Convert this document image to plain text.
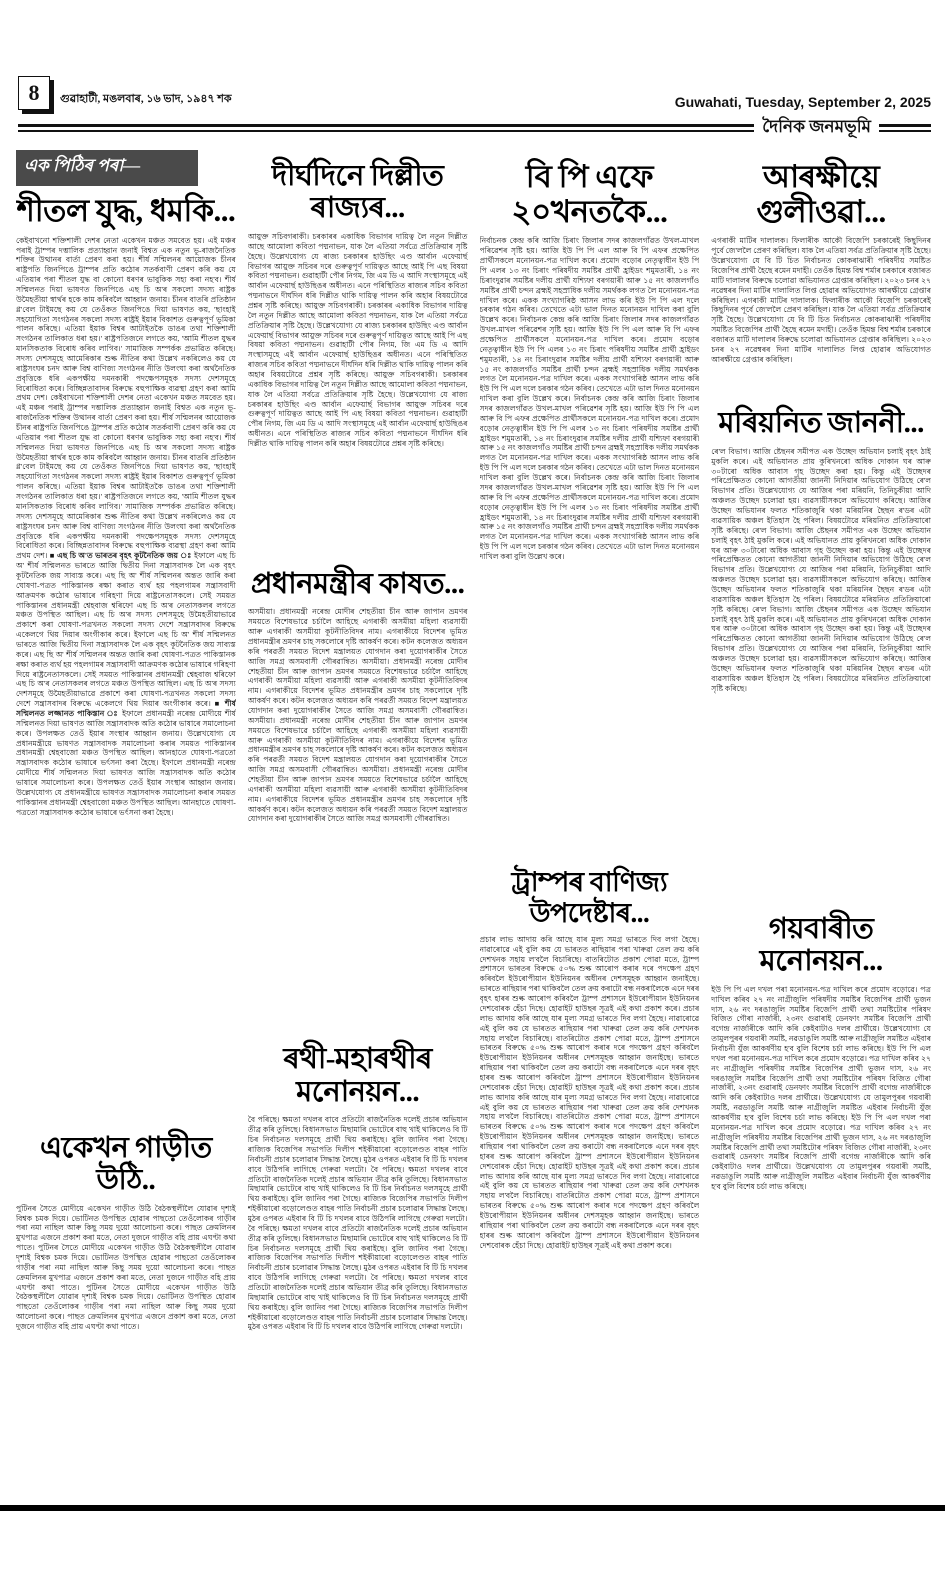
8 গুৱাহাটী, মঙলবাৰ, ১৬ ভাদ, ১৯৪৭ শক	Guwahati, Tuesday, September 2, 2025
দৈনিক জনমভূমি
এক পিঠিৰ পৰা—
শীতল যুদ্ধ, ধমকি...
কেইবাখনো শক্তিশালী দেশৰ নেতা একেখন মঞ্চত সমবেত হয়। এই মঞ্চৰ পৰাই ট্ৰাম্পৰ দম্ভালিক প্ৰত্যাহ্বান জনাই বিশ্বত এক নতুন ভূ-ৰাজনৈতিক শক্তিৰ উত্থানৰ বাৰ্তা প্ৰেৰণ কৰা হয়। শীৰ্ষ সন্মিলনৰ আয়োজক চীনৰ ৰাষ্ট্ৰপতি জিনপিঙে ট্ৰাম্পৰ প্ৰতি কঠোৰ সতৰ্কবাণী প্ৰেৰণ কৰি কয় যে এতিয়াৰ পৰা শীতল যুদ্ধ বা কোনো ধৰণৰ ভাবুকিক সহ্য কৰা নহ'ব। শীৰ্ষ সন্মিলনত দিয়া ভাষণত জিনপিঙে এছ চি অ'ৰ সকলো সদস্য ৰাষ্ট্ৰক উমৈহতীয়া স্বাৰ্থৰ হকে কাম কৰিবলৈ আহ্বান জনায়। চীনৰ বাতৰি প্ৰতিষ্ঠান গ্ল'বেল টাইমছে কয় যে তেওঁকত জিনপিঙে দিয়া ভাষণত কয়, 'ছাংহাই সহযোগিতা সংগঠনৰ সকলো সদস্য ৰাষ্ট্ৰই ইয়াৰ বিকাশত গুৰুত্বপূৰ্ণ ভূমিকা পালন কৰিছে। এতিয়া ইয়াক বিশ্বৰ আটাইতকৈ ডাঙৰ তথা শক্তিশালী সংগঠনৰ তালিকাত ধৰা হয়।' ৰাষ্ট্ৰপতিজনে লগতে কয়, 'আমি শীতল যুদ্ধৰ মানসিকতাক বিৰোধ কৰিব লাগিব।' সামাজিক সম্পৰ্কক প্ৰভাৱিত কৰিছে। সদস্য দেশসমূহে আমেৰিকাৰ শুল্ক নীতিৰ কথা উল্লেখ নকৰিলেও কয় যে ৰাষ্ট্ৰসংঘৰ চনদ আৰু বিশ্ব বাণিজ্য সংগঠনৰ নীতি উলংঘা কৰা অৰ্থনৈতিক প্ৰবৃত্তিকে ধৰি একপক্ষীয় দমনকাৰী পদক্ষেপসমূহক সদস্য দেশসমূহে বিৰোধিতা কৰে। বিচ্ছিন্নতাবাদৰ বিৰুদ্ধে বহুপাক্ষিক ব্যৱস্থা গ্ৰহণ কৰা আমি প্ৰথম দেশ। কেইবাখনো শক্তিশালী দেশৰ নেতা একেখন মঞ্চত সমবেত হয়। এই মঞ্চৰ পৰাই ট্ৰাম্পৰ দম্ভালিক প্ৰত্যাহ্বান জনাই বিশ্বত এক নতুন ভূ-ৰাজনৈতিক শক্তিৰ উত্থানৰ বাৰ্তা প্ৰেৰণ কৰা হয়। শীৰ্ষ সন্মিলনৰ আয়োজক চীনৰ ৰাষ্ট্ৰপতি জিনপিঙে ট্ৰাম্পৰ প্ৰতি কঠোৰ সতৰ্কবাণী প্ৰেৰণ কৰি কয় যে এতিয়াৰ পৰা শীতল যুদ্ধ বা কোনো ধৰণৰ ভাবুকিক সহ্য কৰা নহ'ব। শীৰ্ষ সন্মিলনত দিয়া ভাষণত জিনপিঙে এছ চি অ'ৰ সকলো সদস্য ৰাষ্ট্ৰক উমৈহতীয়া স্বাৰ্থৰ হকে কাম কৰিবলৈ আহ্বান জনায়। চীনৰ বাতৰি প্ৰতিষ্ঠান গ্ল'বেল টাইমছে কয় যে তেওঁকত জিনপিঙে দিয়া ভাষণত কয়, 'ছাংহাই সহযোগিতা সংগঠনৰ সকলো সদস্য ৰাষ্ট্ৰই ইয়াৰ বিকাশত গুৰুত্বপূৰ্ণ ভূমিকা পালন কৰিছে। এতিয়া ইয়াক বিশ্বৰ আটাইতকৈ ডাঙৰ তথা শক্তিশালী সংগঠনৰ তালিকাত ধৰা হয়।' ৰাষ্ট্ৰপতিজনে লগতে কয়, 'আমি শীতল যুদ্ধৰ মানসিকতাক বিৰোধ কৰিব লাগিব।' সামাজিক সম্পৰ্কক প্ৰভাৱিত কৰিছে। সদস্য দেশসমূহে আমেৰিকাৰ শুল্ক নীতিৰ কথা উল্লেখ নকৰিলেও কয় যে ৰাষ্ট্ৰসংঘৰ চনদ আৰু বিশ্ব বাণিজ্য সংগঠনৰ নীতি উলংঘা কৰা অৰ্থনৈতিক প্ৰবৃত্তিকে ধৰি একপক্ষীয় দমনকাৰী পদক্ষেপসমূহক সদস্য দেশসমূহে বিৰোধিতা কৰে। বিচ্ছিন্নতাবাদৰ বিৰুদ্ধে বহুপাক্ষিক ব্যৱস্থা গ্ৰহণ কৰা আমি প্ৰথম দেশ। ■ এছ চি অ'ত ভাৰতৰ বৃহৎ কূটনৈতিক জয় ঃ ইফালে এছ চি অ' শীৰ্ষ সন্মিলনত ভাৰতে আজি দ্বিতীয় দিনা সন্ত্ৰাসবাদক লৈ এক বৃহৎ কূটনৈতিক জয় সাব্যস্ত কৰে। এছ ছি অ' শীৰ্ষ সন্মিলনৰ অন্তত জাৰি কৰা ঘোষণা-পত্ৰত পাকিস্তানক ৰক্ষা কৰাত ব্যৰ্থ হয় পহলগামৰ সন্ত্ৰাসবাদী আক্ৰমণক কঠোৰ ভাষাৰে গৰিহণা দিয়ে ৰাষ্ট্ৰনেতাসকলে। সেই সময়ত পাকিস্তানৰ প্ৰধানমন্ত্ৰী শ্বেহবাজ শ্বৰিফো এছ চি অ'ৰ নেতাসকলৰ লগতে মঞ্চত উপস্থিত আছিল। এছ চি অ'ৰ সদস্য দেশসমূহে উমৈহতীয়াভাৱে প্ৰকাশে কৰা ঘোষণা-পত্ৰখনত সকলো সদস্য দেশে সন্ত্ৰাসবাদৰ বিৰুদ্ধে একেলগে থিয় দিয়াৰ অংগীকাৰ কৰে। ইফালে এছ চি অ' শীৰ্ষ সন্মিলনত ভাৰতে আজি দ্বিতীয় দিনা সন্ত্ৰাসবাদক লৈ এক বৃহৎ কূটনৈতিক জয় সাব্যস্ত কৰে। এছ ছি অ' শীৰ্ষ সন্মিলনৰ অন্তত জাৰি কৰা ঘোষণা-পত্ৰত পাকিস্তানক ৰক্ষা কৰাত ব্যৰ্থ হয় পহলগামৰ সন্ত্ৰাসবাদী আক্ৰমণক কঠোৰ ভাষাৰে গৰিহণা দিয়ে ৰাষ্ট্ৰনেতাসকলে। সেই সময়ত পাকিস্তানৰ প্ৰধানমন্ত্ৰী শ্বেহবাজ শ্বৰিফো এছ চি অ'ৰ নেতাসকলৰ লগতে মঞ্চত উপস্থিত আছিল। এছ চি অ'ৰ সদস্য দেশসমূহে উমৈহতীয়াভাৱে প্ৰকাশে কৰা ঘোষণা-পত্ৰখনত সকলো সদস্য দেশে সন্ত্ৰাসবাদৰ বিৰুদ্ধে একেলগে থিয় দিয়াৰ অংগীকাৰ কৰে। ■ শীৰ্ষ সন্মিলনত লজ্জানত পাকিস্তান ঃ ইফালে প্ৰধানমন্ত্ৰী নৰেন্দ্ৰ মোদীয়ে শীৰ্ষ সন্মিলনত দিয়া ভাষণত আজি সন্ত্ৰাসবাদক অতি কঠোৰ ভাষাৰে সমালোচনা কৰে। উপলক্ষত তেওঁ ইয়াৰ সংস্থাৰ আহ্বান জনায়। উল্লেখযোগ্য যে প্ৰধানমন্ত্ৰীয়ে ভাষণত সন্ত্ৰাসবাদক সমালোচনা কৰাৰ সময়ত পাকিস্তানৰ প্ৰধানমন্ত্ৰী শ্বেহবাজো মঞ্চত উপস্থিত আছিল। আনহাতে ঘোষণা-পত্ৰতো সন্ত্ৰাসবাদক কঠোৰ ভাষাৰে ভৰ্ৎসনা কৰা হৈছে। ইফালে প্ৰধানমন্ত্ৰী নৰেন্দ্ৰ মোদীয়ে শীৰ্ষ সন্মিলনত দিয়া ভাষণত আজি সন্ত্ৰাসবাদক অতি কঠোৰ ভাষাৰে সমালোচনা কৰে। উপলক্ষত তেওঁ ইয়াৰ সংস্থাৰ আহ্বান জনায়। উল্লেখযোগ্য যে প্ৰধানমন্ত্ৰীয়ে ভাষণত সন্ত্ৰাসবাদক সমালোচনা কৰাৰ সময়ত পাকিস্তানৰ প্ৰধানমন্ত্ৰী শ্বেহবাজো মঞ্চত উপস্থিত আছিল। আনহাতে ঘোষণা-পত্ৰতো সন্ত্ৰাসবাদক কঠোৰ ভাষাৰে ভৰ্ৎসনা কৰা হৈছে।
একেখন গাড়ীত উঠি..
পুটিনৰ সৈতে মোদীয়ে একেখন গাড়ীত উঠি বৈঠকস্থলীলৈ যোৱাৰ দৃশ্যই বিশ্বক চমক দিয়ে। ভোটিনত উপস্থিত হোৱাৰ পাছতো তেওঁলোকৰ গাড়ীৰ পৰা নমা নাছিল আৰু কিছু সময় দুয়ো আলোচনা কৰে। পাছত ক্ৰেমলিনৰ মুখপাত্ৰ এজনে প্ৰকাশ কৰা মতে, নেতা দুজনে গাড়ীত বহি প্ৰায় এঘণ্টা কথা পাতে। পুটিনৰ সৈতে মোদীয়ে একেখন গাড়ীত উঠি বৈঠকস্থলীলৈ যোৱাৰ দৃশ্যই বিশ্বক চমক দিয়ে। ভোটিনত উপস্থিত হোৱাৰ পাছতো তেওঁলোকৰ গাড়ীৰ পৰা নমা নাছিল আৰু কিছু সময় দুয়ো আলোচনা কৰে। পাছত ক্ৰেমলিনৰ মুখপাত্ৰ এজনে প্ৰকাশ কৰা মতে, নেতা দুজনে গাড়ীত বহি প্ৰায় এঘণ্টা কথা পাতে। পুটিনৰ সৈতে মোদীয়ে একেখন গাড়ীত উঠি বৈঠকস্থলীলৈ যোৱাৰ দৃশ্যই বিশ্বক চমক দিয়ে। ভোটিনত উপস্থিত হোৱাৰ পাছতো তেওঁলোকৰ গাড়ীৰ পৰা নমা নাছিল আৰু কিছু সময় দুয়ো আলোচনা কৰে। পাছত ক্ৰেমলিনৰ মুখপাত্ৰ এজনে প্ৰকাশ কৰা মতে, নেতা দুজনে গাড়ীত বহি প্ৰায় এঘণ্টা কথা পাতে।
দীৰ্ঘদিনে দিল্লীত ৰাজ্যৰ...
আয়ুক্ত সচিবগৰাকী। চৰকাৰৰ একাধিক বিভাগৰ দায়িত্ব লৈ নতুন দিল্লীত আছে আমোলা কবিতা পদ্মনাভন, যাক লৈ এতিয়া সৰ্বত্ৰে প্ৰতিক্ৰিয়াৰ সৃষ্টি হৈছে। উল্লেখযোগ্য যে ৰাজ্য চৰকাৰৰ হাউছিং এণ্ড আৰ্বান এফেয়াৰ্ছ বিভাগৰ আয়ুক্ত সচিবৰ দৰে গুৰুত্বপূৰ্ণ দায়িত্বত আছে আই পি এছ বিষয়া কবিতা পদ্মনাভন। গুৱাহাটী পৌৰ নিগম, জি এম ডি এ আদি সংস্থাসমূহে এই আৰ্বান এফেয়াৰ্ছ হাউছিঙৰ অধীনত। এনে পৰিস্থিতিত ৰাজ্যৰ সচিব কবিতা পদ্মনাভনে দীৰ্ঘদিন ধৰি দিল্লীত থাকি দায়িত্ব পালন কৰি অহাৰ বিষয়টোৱে প্ৰশ্নৰ সৃষ্টি কৰিছে। আয়ুক্ত সচিবগৰাকী। চৰকাৰৰ একাধিক বিভাগৰ দায়িত্ব লৈ নতুন দিল্লীত আছে আমোলা কবিতা পদ্মনাভন, যাক লৈ এতিয়া সৰ্বত্ৰে প্ৰতিক্ৰিয়াৰ সৃষ্টি হৈছে। উল্লেখযোগ্য যে ৰাজ্য চৰকাৰৰ হাউছিং এণ্ড আৰ্বান এফেয়াৰ্ছ বিভাগৰ আয়ুক্ত সচিবৰ দৰে গুৰুত্বপূৰ্ণ দায়িত্বত আছে আই পি এছ বিষয়া কবিতা পদ্মনাভন। গুৱাহাটী পৌৰ নিগম, জি এম ডি এ আদি সংস্থাসমূহে এই আৰ্বান এফেয়াৰ্ছ হাউছিঙৰ অধীনত। এনে পৰিস্থিতিত ৰাজ্যৰ সচিব কবিতা পদ্মনাভনে দীৰ্ঘদিন ধৰি দিল্লীত থাকি দায়িত্ব পালন কৰি অহাৰ বিষয়টোৱে প্ৰশ্নৰ সৃষ্টি কৰিছে। আয়ুক্ত সচিবগৰাকী। চৰকাৰৰ একাধিক বিভাগৰ দায়িত্ব লৈ নতুন দিল্লীত আছে আমোলা কবিতা পদ্মনাভন, যাক লৈ এতিয়া সৰ্বত্ৰে প্ৰতিক্ৰিয়াৰ সৃষ্টি হৈছে। উল্লেখযোগ্য যে ৰাজ্য চৰকাৰৰ হাউছিং এণ্ড আৰ্বান এফেয়াৰ্ছ বিভাগৰ আয়ুক্ত সচিবৰ দৰে গুৰুত্বপূৰ্ণ দায়িত্বত আছে আই পি এছ বিষয়া কবিতা পদ্মনাভন। গুৱাহাটী পৌৰ নিগম, জি এম ডি এ আদি সংস্থাসমূহে এই আৰ্বান এফেয়াৰ্ছ হাউছিঙৰ অধীনত। এনে পৰিস্থিতিত ৰাজ্যৰ সচিব কবিতা পদ্মনাভনে দীৰ্ঘদিন ধৰি দিল্লীত থাকি দায়িত্ব পালন কৰি অহাৰ বিষয়টোৱে প্ৰশ্নৰ সৃষ্টি কৰিছে।
প্ৰধানমন্ত্ৰীৰ কাষত...
অসমীয়া। প্ৰধানমন্ত্ৰী নৰেন্দ্ৰ মোদীৰ শেহতীয়া চীন আৰু জাপান ভ্ৰমণৰ সময়তে বিশেষভাৱে চৰ্চালৈ আহিছে এগৰাকী অসমীয়া মহিলা ব্যৱসায়ী আৰু এগৰাকী অসমীয়া কূটনীতিবিদৰ নাম। এগৰাকীয়ে বিদেশৰ ভূমিত প্ৰধানমন্ত্ৰীৰ ভ্ৰমণৰ চাহ সকলোৰে দৃষ্টি আকৰ্ষণ কৰে। কটন কলেজত অধ্যয়ন কৰি পৰৱৰ্তী সময়ত বিদেশ মন্ত্ৰালয়ত যোগদান কৰা দুয়োগৰাকীৰ সৈতে আজি সমগ্ৰ অসমবাসী গৌৰৱান্বিত। অসমীয়া। প্ৰধানমন্ত্ৰী নৰেন্দ্ৰ মোদীৰ শেহতীয়া চীন আৰু জাপান ভ্ৰমণৰ সময়তে বিশেষভাৱে চৰ্চালৈ আহিছে এগৰাকী অসমীয়া মহিলা ব্যৱসায়ী আৰু এগৰাকী অসমীয়া কূটনীতিবিদৰ নাম। এগৰাকীয়ে বিদেশৰ ভূমিত প্ৰধানমন্ত্ৰীৰ ভ্ৰমণৰ চাহ সকলোৰে দৃষ্টি আকৰ্ষণ কৰে। কটন কলেজত অধ্যয়ন কৰি পৰৱৰ্তী সময়ত বিদেশ মন্ত্ৰালয়ত যোগদান কৰা দুয়োগৰাকীৰ সৈতে আজি সমগ্ৰ অসমবাসী গৌৰৱান্বিত। অসমীয়া। প্ৰধানমন্ত্ৰী নৰেন্দ্ৰ মোদীৰ শেহতীয়া চীন আৰু জাপান ভ্ৰমণৰ সময়তে বিশেষভাৱে চৰ্চালৈ আহিছে এগৰাকী অসমীয়া মহিলা ব্যৱসায়ী আৰু এগৰাকী অসমীয়া কূটনীতিবিদৰ নাম। এগৰাকীয়ে বিদেশৰ ভূমিত প্ৰধানমন্ত্ৰীৰ ভ্ৰমণৰ চাহ সকলোৰে দৃষ্টি আকৰ্ষণ কৰে। কটন কলেজত অধ্যয়ন কৰি পৰৱৰ্তী সময়ত বিদেশ মন্ত্ৰালয়ত যোগদান কৰা দুয়োগৰাকীৰ সৈতে আজি সমগ্ৰ অসমবাসী গৌৰৱান্বিত। অসমীয়া। প্ৰধানমন্ত্ৰী নৰেন্দ্ৰ মোদীৰ শেহতীয়া চীন আৰু জাপান ভ্ৰমণৰ সময়তে বিশেষভাৱে চৰ্চালৈ আহিছে এগৰাকী অসমীয়া মহিলা ব্যৱসায়ী আৰু এগৰাকী অসমীয়া কূটনীতিবিদৰ নাম। এগৰাকীয়ে বিদেশৰ ভূমিত প্ৰধানমন্ত্ৰীৰ ভ্ৰমণৰ চাহ সকলোৰে দৃষ্টি আকৰ্ষণ কৰে। কটন কলেজত অধ্যয়ন কৰি পৰৱৰ্তী সময়ত বিদেশ মন্ত্ৰালয়ত যোগদান কৰা দুয়োগৰাকীৰ সৈতে আজি সমগ্ৰ অসমবাসী গৌৰৱান্বিত।
ৰথী-মহাৰথীৰ মনোনয়ন...
বৈ পৰিছে। ক্ষমতা দখলৰ বাবে প্ৰতিটো ৰাজনৈতিক দলেই প্ৰচাৰ অভিযান তীব্ৰ কৰি তুলিছে। বিধানসভাত মিছামাৰি ভোটেৰে বাহু খাই থাকিলেও বি টি চিৰ নিৰ্বাচনত দলসমূহে প্ৰাৰ্থী থিয় কৰাইছে। বুলি জানিব পৰা গৈছে। ৰাজ্যিক বিজেপিৰ সভাপতি দিলীপ শইকীয়াৰো বড়োলেণ্ডত বাহৰ পাতি নিৰ্বাচনী প্ৰচাৰ চলোৱাৰ সিদ্ধান্ত লৈছে। মুঠৰ ওপৰত এইবাৰ বি টি চি দখলৰ বাবে উঠিপৰি লাগিছে গেৰুৱা দলটো। বৈ পৰিছে। ক্ষমতা দখলৰ বাবে প্ৰতিটো ৰাজনৈতিক দলেই প্ৰচাৰ অভিযান তীব্ৰ কৰি তুলিছে। বিধানসভাত মিছামাৰি ভোটেৰে বাহু খাই থাকিলেও বি টি চিৰ নিৰ্বাচনত দলসমূহে প্ৰাৰ্থী থিয় কৰাইছে। বুলি জানিব পৰা গৈছে। ৰাজ্যিক বিজেপিৰ সভাপতি দিলীপ শইকীয়াৰো বড়োলেণ্ডত বাহৰ পাতি নিৰ্বাচনী প্ৰচাৰ চলোৱাৰ সিদ্ধান্ত লৈছে। মুঠৰ ওপৰত এইবাৰ বি টি চি দখলৰ বাবে উঠিপৰি লাগিছে গেৰুৱা দলটো। বৈ পৰিছে। ক্ষমতা দখলৰ বাবে প্ৰতিটো ৰাজনৈতিক দলেই প্ৰচাৰ অভিযান তীব্ৰ কৰি তুলিছে। বিধানসভাত মিছামাৰি ভোটেৰে বাহু খাই থাকিলেও বি টি চিৰ নিৰ্বাচনত দলসমূহে প্ৰাৰ্থী থিয় কৰাইছে। বুলি জানিব পৰা গৈছে। ৰাজ্যিক বিজেপিৰ সভাপতি দিলীপ শইকীয়াৰো বড়োলেণ্ডত বাহৰ পাতি নিৰ্বাচনী প্ৰচাৰ চলোৱাৰ সিদ্ধান্ত লৈছে। মুঠৰ ওপৰত এইবাৰ বি টি চি দখলৰ বাবে উঠিপৰি লাগিছে গেৰুৱা দলটো। বৈ পৰিছে। ক্ষমতা দখলৰ বাবে প্ৰতিটো ৰাজনৈতিক দলেই প্ৰচাৰ অভিযান তীব্ৰ কৰি তুলিছে। বিধানসভাত মিছামাৰি ভোটেৰে বাহু খাই থাকিলেও বি টি চিৰ নিৰ্বাচনত দলসমূহে প্ৰাৰ্থী থিয় কৰাইছে। বুলি জানিব পৰা গৈছে। ৰাজ্যিক বিজেপিৰ সভাপতি দিলীপ শইকীয়াৰো বড়োলেণ্ডত বাহৰ পাতি নিৰ্বাচনী প্ৰচাৰ চলোৱাৰ সিদ্ধান্ত লৈছে। মুঠৰ ওপৰত এইবাৰ বি টি চি দখলৰ বাবে উঠিপৰি লাগিছে গেৰুৱা দলটো।
বি পি এফে ২০খনতকৈ...
নিৰ্বাচনক কেন্দ্ৰ কৰি আজি চিৰাং জিলাৰ সদৰ কাজলগাঁৱত উখল-মাখল পৰিৱেশৰ সৃষ্টি হয়। আজি ইউ পি পি এল আৰু বি পি এফৰ প্ৰক্ষেপিত প্ৰাৰ্থীসকলে মনোনয়ন-পত্ৰ দাখিল কৰে। প্ৰমোদ বড়োৰ নেতৃত্বাধীন ইউ পি পি এলৰ ১৩ নং চিৰাং পৰিষদীয় সমষ্টিৰ প্ৰাৰ্থী হ্ৰাইডং শমুমতাৰী, ১৪ নং চিৰাংদুৱাৰ সমষ্টিৰ দলীয় প্ৰাৰ্থী যশ্যিফা বৰগয়াৰী আৰু ১৫ নং কাজলগাঁও সমষ্টিৰ প্ৰাৰ্থী চন্দন ব্ৰহ্মই সহস্ৰাধিক দলীয় সমৰ্থকক লগত লৈ মনোনয়ন-পত্ৰ দাখিল কৰে। একক সংখ্যাগৰিষ্ঠ আসন লাভ কৰি ইউ পি পি এল দলে চৰকাৰ গঠন কৰিব। তেখেতে এটা ভাল দিনত মনোনয়ন দাখিল কৰা বুলি উল্লেখ কৰে। নিৰ্বাচনক কেন্দ্ৰ কৰি আজি চিৰাং জিলাৰ সদৰ কাজলগাঁৱত উখল-মাখল পৰিৱেশৰ সৃষ্টি হয়। আজি ইউ পি পি এল আৰু বি পি এফৰ প্ৰক্ষেপিত প্ৰাৰ্থীসকলে মনোনয়ন-পত্ৰ দাখিল কৰে। প্ৰমোদ বড়োৰ নেতৃত্বাধীন ইউ পি পি এলৰ ১৩ নং চিৰাং পৰিষদীয় সমষ্টিৰ প্ৰাৰ্থী হ্ৰাইডং শমুমতাৰী, ১৪ নং চিৰাংদুৱাৰ সমষ্টিৰ দলীয় প্ৰাৰ্থী যশ্যিফা বৰগয়াৰী আৰু ১৫ নং কাজলগাঁও সমষ্টিৰ প্ৰাৰ্থী চন্দন ব্ৰহ্মই সহস্ৰাধিক দলীয় সমৰ্থকক লগত লৈ মনোনয়ন-পত্ৰ দাখিল কৰে। একক সংখ্যাগৰিষ্ঠ আসন লাভ কৰি ইউ পি পি এল দলে চৰকাৰ গঠন কৰিব। তেখেতে এটা ভাল দিনত মনোনয়ন দাখিল কৰা বুলি উল্লেখ কৰে। নিৰ্বাচনক কেন্দ্ৰ কৰি আজি চিৰাং জিলাৰ সদৰ কাজলগাঁৱত উখল-মাখল পৰিৱেশৰ সৃষ্টি হয়। আজি ইউ পি পি এল আৰু বি পি এফৰ প্ৰক্ষেপিত প্ৰাৰ্থীসকলে মনোনয়ন-পত্ৰ দাখিল কৰে। প্ৰমোদ বড়োৰ নেতৃত্বাধীন ইউ পি পি এলৰ ১৩ নং চিৰাং পৰিষদীয় সমষ্টিৰ প্ৰাৰ্থী হ্ৰাইডং শমুমতাৰী, ১৪ নং চিৰাংদুৱাৰ সমষ্টিৰ দলীয় প্ৰাৰ্থী যশ্যিফা বৰগয়াৰী আৰু ১৫ নং কাজলগাঁও সমষ্টিৰ প্ৰাৰ্থী চন্দন ব্ৰহ্মই সহস্ৰাধিক দলীয় সমৰ্থকক লগত লৈ মনোনয়ন-পত্ৰ দাখিল কৰে। একক সংখ্যাগৰিষ্ঠ আসন লাভ কৰি ইউ পি পি এল দলে চৰকাৰ গঠন কৰিব। তেখেতে এটা ভাল দিনত মনোনয়ন দাখিল কৰা বুলি উল্লেখ কৰে। নিৰ্বাচনক কেন্দ্ৰ কৰি আজি চিৰাং জিলাৰ সদৰ কাজলগাঁৱত উখল-মাখল পৰিৱেশৰ সৃষ্টি হয়। আজি ইউ পি পি এল আৰু বি পি এফৰ প্ৰক্ষেপিত প্ৰাৰ্থীসকলে মনোনয়ন-পত্ৰ দাখিল কৰে। প্ৰমোদ বড়োৰ নেতৃত্বাধীন ইউ পি পি এলৰ ১৩ নং চিৰাং পৰিষদীয় সমষ্টিৰ প্ৰাৰ্থী হ্ৰাইডং শমুমতাৰী, ১৪ নং চিৰাংদুৱাৰ সমষ্টিৰ দলীয় প্ৰাৰ্থী যশ্যিফা বৰগয়াৰী আৰু ১৫ নং কাজলগাঁও সমষ্টিৰ প্ৰাৰ্থী চন্দন ব্ৰহ্মই সহস্ৰাধিক দলীয় সমৰ্থকক লগত লৈ মনোনয়ন-পত্ৰ দাখিল কৰে। একক সংখ্যাগৰিষ্ঠ আসন লাভ কৰি ইউ পি পি এল দলে চৰকাৰ গঠন কৰিব। তেখেতে এটা ভাল দিনত মনোনয়ন দাখিল কৰা বুলি উল্লেখ কৰে।
ট্ৰাম্পৰ বাণিজ্য উপদেষ্টাৰ...
প্ৰচাৰ লাভ আদায় কৰি আছে যাৰ মূল্য সমগ্ৰ ভাৰতে দিব লগা হৈছে। নাৱাৰোৱে এই বুলি কয় যে ভাৰতত ৰাছিয়াৰ পৰা খাৰুৱা তেল ক্ৰয় কৰি দেশখনক সহায় ল'বলৈ বিচাৰিছে। বাতৰিটোত প্ৰকাশ পোৱা মতে, ট্ৰাম্প প্ৰশাসনে ভাৰতৰ বিৰুদ্ধে ৫০% শুল্ক আৰোপ কৰাৰ দৰে পদক্ষেপ গ্ৰহণ কৰিবলৈ ইউৰোপীয়ান ইউনিয়নৰ অধীনৰ দেশসমূহক আহ্বান জনাইছে। ভাৰতে ৰাছিয়াৰ পৰা থাকিবলৈ তেল ক্ৰয় কৰাটো বন্ধ নকৰালৈকে এনে দৰৰ বৃহৎ হাৰৰ শুল্ক আৰোপ কৰিবলৈ ট্ৰাম্প প্ৰশাসনে ইউৰোপীয়ান ইউনিয়নৰ দেশবোৰক হেঁচা দিছে। হোৱাইট হাউছৰ সূত্ৰই এই কথা প্ৰকাশ কৰে। প্ৰচাৰ লাভ আদায় কৰি আছে যাৰ মূল্য সমগ্ৰ ভাৰতে দিব লগা হৈছে। নাৱাৰোৱে এই বুলি কয় যে ভাৰতত ৰাছিয়াৰ পৰা খাৰুৱা তেল ক্ৰয় কৰি দেশখনক সহায় ল'বলৈ বিচাৰিছে। বাতৰিটোত প্ৰকাশ পোৱা মতে, ট্ৰাম্প প্ৰশাসনে ভাৰতৰ বিৰুদ্ধে ৫০% শুল্ক আৰোপ কৰাৰ দৰে পদক্ষেপ গ্ৰহণ কৰিবলৈ ইউৰোপীয়ান ইউনিয়নৰ অধীনৰ দেশসমূহক আহ্বান জনাইছে। ভাৰতে ৰাছিয়াৰ পৰা থাকিবলৈ তেল ক্ৰয় কৰাটো বন্ধ নকৰালৈকে এনে দৰৰ বৃহৎ হাৰৰ শুল্ক আৰোপ কৰিবলৈ ট্ৰাম্প প্ৰশাসনে ইউৰোপীয়ান ইউনিয়নৰ দেশবোৰক হেঁচা দিছে। হোৱাইট হাউছৰ সূত্ৰই এই কথা প্ৰকাশ কৰে। প্ৰচাৰ লাভ আদায় কৰি আছে যাৰ মূল্য সমগ্ৰ ভাৰতে দিব লগা হৈছে। নাৱাৰোৱে এই বুলি কয় যে ভাৰতত ৰাছিয়াৰ পৰা খাৰুৱা তেল ক্ৰয় কৰি দেশখনক সহায় ল'বলৈ বিচাৰিছে। বাতৰিটোত প্ৰকাশ পোৱা মতে, ট্ৰাম্প প্ৰশাসনে ভাৰতৰ বিৰুদ্ধে ৫০% শুল্ক আৰোপ কৰাৰ দৰে পদক্ষেপ গ্ৰহণ কৰিবলৈ ইউৰোপীয়ান ইউনিয়নৰ অধীনৰ দেশসমূহক আহ্বান জনাইছে। ভাৰতে ৰাছিয়াৰ পৰা থাকিবলৈ তেল ক্ৰয় কৰাটো বন্ধ নকৰালৈকে এনে দৰৰ বৃহৎ হাৰৰ শুল্ক আৰোপ কৰিবলৈ ট্ৰাম্প প্ৰশাসনে ইউৰোপীয়ান ইউনিয়নৰ দেশবোৰক হেঁচা দিছে। হোৱাইট হাউছৰ সূত্ৰই এই কথা প্ৰকাশ কৰে। প্ৰচাৰ লাভ আদায় কৰি আছে যাৰ মূল্য সমগ্ৰ ভাৰতে দিব লগা হৈছে। নাৱাৰোৱে এই বুলি কয় যে ভাৰতত ৰাছিয়াৰ পৰা খাৰুৱা তেল ক্ৰয় কৰি দেশখনক সহায় ল'বলৈ বিচাৰিছে। বাতৰিটোত প্ৰকাশ পোৱা মতে, ট্ৰাম্প প্ৰশাসনে ভাৰতৰ বিৰুদ্ধে ৫০% শুল্ক আৰোপ কৰাৰ দৰে পদক্ষেপ গ্ৰহণ কৰিবলৈ ইউৰোপীয়ান ইউনিয়নৰ অধীনৰ দেশসমূহক আহ্বান জনাইছে। ভাৰতে ৰাছিয়াৰ পৰা থাকিবলৈ তেল ক্ৰয় কৰাটো বন্ধ নকৰালৈকে এনে দৰৰ বৃহৎ হাৰৰ শুল্ক আৰোপ কৰিবলৈ ট্ৰাম্প প্ৰশাসনে ইউৰোপীয়ান ইউনিয়নৰ দেশবোৰক হেঁচা দিছে। হোৱাইট হাউছৰ সূত্ৰই এই কথা প্ৰকাশ কৰে।
আৰক্ষীয়ে গুলীওৱা...
এগৰাকী মাটিৰ দালালক। ফিলাৰীক আকৌ বিজেপি চৰকাৰেই কিছুদিনৰ পূৰ্বে জে'ললৈ প্ৰেৰণ কৰিছিল। যাক লৈ এতিয়া সৰ্বত্ৰ প্ৰতিক্ৰিয়াৰ সৃষ্টি হৈছে। উল্লেখযোগ্য যে বি টি চিত নিৰ্বাচনত কোকৰাঝাৰী পৰিষদীয় সমষ্টিত বিজেপিৰ প্ৰাৰ্থী হৈছে ৰমেন মদাহী। তেওঁক হিমন্ত বিশ্ব শৰ্মাৰ চৰকাৰে বজাৰত মাটি দালালৰ বিৰুদ্ধে চলোৱা অভিযানত গ্ৰেপ্তাৰ কৰিছিল। ২০২৩ চনৰ ২৭ নৱেম্বৰৰ দিনা মাটিৰ দালালিত লিপ্ত হোৱাৰ অভিযোগত আৰক্ষীয়ে গ্ৰেপ্তাৰ কৰিছিল। এগৰাকী মাটিৰ দালালক। ফিলাৰীক আকৌ বিজেপি চৰকাৰেই কিছুদিনৰ পূৰ্বে জে'ললৈ প্ৰেৰণ কৰিছিল। যাক লৈ এতিয়া সৰ্বত্ৰ প্ৰতিক্ৰিয়াৰ সৃষ্টি হৈছে। উল্লেখযোগ্য যে বি টি চিত নিৰ্বাচনত কোকৰাঝাৰী পৰিষদীয় সমষ্টিত বিজেপিৰ প্ৰাৰ্থী হৈছে ৰমেন মদাহী। তেওঁক হিমন্ত বিশ্ব শৰ্মাৰ চৰকাৰে বজাৰত মাটি দালালৰ বিৰুদ্ধে চলোৱা অভিযানত গ্ৰেপ্তাৰ কৰিছিল। ২০২৩ চনৰ ২৭ নৱেম্বৰৰ দিনা মাটিৰ দালালিত লিপ্ত হোৱাৰ অভিযোগত আৰক্ষীয়ে গ্ৰেপ্তাৰ কৰিছিল।
মৰিয়নিত জাননী...
ৰে'ল বিভাগ। আজি ষ্টেছনৰ সমীপত এক উচ্ছেদ অভিযান চলাই বৃহৎ ঠাই মুকলি কৰে। এই অভিযানত প্ৰায় কুৰিখনৰো অধিক দোকান ঘৰ আৰু ৩০টাৰো অধিক আবাস গৃহ উচ্ছেদ কৰা হয়। কিন্তু এই উচ্ছেদৰ পৰিপ্ৰেক্ষিতত কোনো আগতীয়া জাননী নিদিয়াৰ অভিযোগ উঠিছে ৰে'ল বিভাগৰ প্ৰতি। উল্লেখযোগ্য যে আজিৰ পৰা মৰিয়নি, তিনিচুকীয়া আদি অঞ্চলত উচ্ছেদ চলোৱা হয়। ব্যৱসায়ীসকলে অভিযোগ কৰিছে। আজিৰ উচ্ছেদ অভিযানৰ ফলত শতিকাজুৰি থকা মৰিয়নিৰ ছৈছন ৰ'ডৰ এটা ব্যৱসায়িক অঞ্চল ইতিহাস হৈ পৰিল। বিষয়টোৱে মৰিয়নিত প্ৰতিক্ৰিয়াৰো সৃষ্টি কৰিছে। ৰে'ল বিভাগ। আজি ষ্টেছনৰ সমীপত এক উচ্ছেদ অভিযান চলাই বৃহৎ ঠাই মুকলি কৰে। এই অভিযানত প্ৰায় কুৰিখনৰো অধিক দোকান ঘৰ আৰু ৩০টাৰো অধিক আবাস গৃহ উচ্ছেদ কৰা হয়। কিন্তু এই উচ্ছেদৰ পৰিপ্ৰেক্ষিতত কোনো আগতীয়া জাননী নিদিয়াৰ অভিযোগ উঠিছে ৰে'ল বিভাগৰ প্ৰতি। উল্লেখযোগ্য যে আজিৰ পৰা মৰিয়নি, তিনিচুকীয়া আদি অঞ্চলত উচ্ছেদ চলোৱা হয়। ব্যৱসায়ীসকলে অভিযোগ কৰিছে। আজিৰ উচ্ছেদ অভিযানৰ ফলত শতিকাজুৰি থকা মৰিয়নিৰ ছৈছন ৰ'ডৰ এটা ব্যৱসায়িক অঞ্চল ইতিহাস হৈ পৰিল। বিষয়টোৱে মৰিয়নিত প্ৰতিক্ৰিয়াৰো সৃষ্টি কৰিছে। ৰে'ল বিভাগ। আজি ষ্টেছনৰ সমীপত এক উচ্ছেদ অভিযান চলাই বৃহৎ ঠাই মুকলি কৰে। এই অভিযানত প্ৰায় কুৰিখনৰো অধিক দোকান ঘৰ আৰু ৩০টাৰো অধিক আবাস গৃহ উচ্ছেদ কৰা হয়। কিন্তু এই উচ্ছেদৰ পৰিপ্ৰেক্ষিতত কোনো আগতীয়া জাননী নিদিয়াৰ অভিযোগ উঠিছে ৰে'ল বিভাগৰ প্ৰতি। উল্লেখযোগ্য যে আজিৰ পৰা মৰিয়নি, তিনিচুকীয়া আদি অঞ্চলত উচ্ছেদ চলোৱা হয়। ব্যৱসায়ীসকলে অভিযোগ কৰিছে। আজিৰ উচ্ছেদ অভিযানৰ ফলত শতিকাজুৰি থকা মৰিয়নিৰ ছৈছন ৰ'ডৰ এটা ব্যৱসায়িক অঞ্চল ইতিহাস হৈ পৰিল। বিষয়টোৱে মৰিয়নিত প্ৰতিক্ৰিয়াৰো সৃষ্টি কৰিছে।
গয়বাৰীত মনোনয়ন...
ইউ পি পি এল দখল পৰা মনোনয়ন-পত্ৰ দাখিল কৰে প্ৰমোদ বড়োৱে। পত্ৰ দাখিল কৰিব ২৭ নং নাগ্ৰীজুলি পৰিষদীয় সমষ্টিৰ বিজেপিৰ প্ৰাৰ্থী ভুজন দাস, ২৬ নং দৰঙাজুলি সমষ্টিৰ বিজেপি প্ৰাৰ্থী তথা সমষ্টিটোৰ পৰিষদ বিজিত গৌৰা নাৰ্জাৰী, ২৩নং গুৱাৰাই ডেনফাং সমষ্টিৰ বিজেপি প্ৰাৰ্থী বগেন্দ্ৰ নাৰ্জাৰীকে আদি কৰি কেইবাটাও দলৰ প্ৰাৰ্থীয়ে। উল্লেখযোগ্য যে তামুলপুৰৰ গয়বাৰী সমষ্টি, নৱডাঙুলি সমষ্টি আৰু নাগ্ৰীজুলি সমষ্টিত এইবাৰ নিৰ্বাচনী যুঁজ আকৰ্ষণীয় হ'ব বুলি বিশেষ চৰ্চা লাভ কৰিছে। ইউ পি পি এল দখল পৰা মনোনয়ন-পত্ৰ দাখিল কৰে প্ৰমোদ বড়োৱে। পত্ৰ দাখিল কৰিব ২৭ নং নাগ্ৰীজুলি পৰিষদীয় সমষ্টিৰ বিজেপিৰ প্ৰাৰ্থী ভুজন দাস, ২৬ নং দৰঙাজুলি সমষ্টিৰ বিজেপি প্ৰাৰ্থী তথা সমষ্টিটোৰ পৰিষদ বিজিত গৌৰা নাৰ্জাৰী, ২৩নং গুৱাৰাই ডেনফাং সমষ্টিৰ বিজেপি প্ৰাৰ্থী বগেন্দ্ৰ নাৰ্জাৰীকে আদি কৰি কেইবাটাও দলৰ প্ৰাৰ্থীয়ে। উল্লেখযোগ্য যে তামুলপুৰৰ গয়বাৰী সমষ্টি, নৱডাঙুলি সমষ্টি আৰু নাগ্ৰীজুলি সমষ্টিত এইবাৰ নিৰ্বাচনী যুঁজ আকৰ্ষণীয় হ'ব বুলি বিশেষ চৰ্চা লাভ কৰিছে। ইউ পি পি এল দখল পৰা মনোনয়ন-পত্ৰ দাখিল কৰে প্ৰমোদ বড়োৱে। পত্ৰ দাখিল কৰিব ২৭ নং নাগ্ৰীজুলি পৰিষদীয় সমষ্টিৰ বিজেপিৰ প্ৰাৰ্থী ভুজন দাস, ২৬ নং দৰঙাজুলি সমষ্টিৰ বিজেপি প্ৰাৰ্থী তথা সমষ্টিটোৰ পৰিষদ বিজিত গৌৰা নাৰ্জাৰী, ২৩নং গুৱাৰাই ডেনফাং সমষ্টিৰ বিজেপি প্ৰাৰ্থী বগেন্দ্ৰ নাৰ্জাৰীকে আদি কৰি কেইবাটাও দলৰ প্ৰাৰ্থীয়ে। উল্লেখযোগ্য যে তামুলপুৰৰ গয়বাৰী সমষ্টি, নৱডাঙুলি সমষ্টি আৰু নাগ্ৰীজুলি সমষ্টিত এইবাৰ নিৰ্বাচনী যুঁজ আকৰ্ষণীয় হ'ব বুলি বিশেষ চৰ্চা লাভ কৰিছে।
